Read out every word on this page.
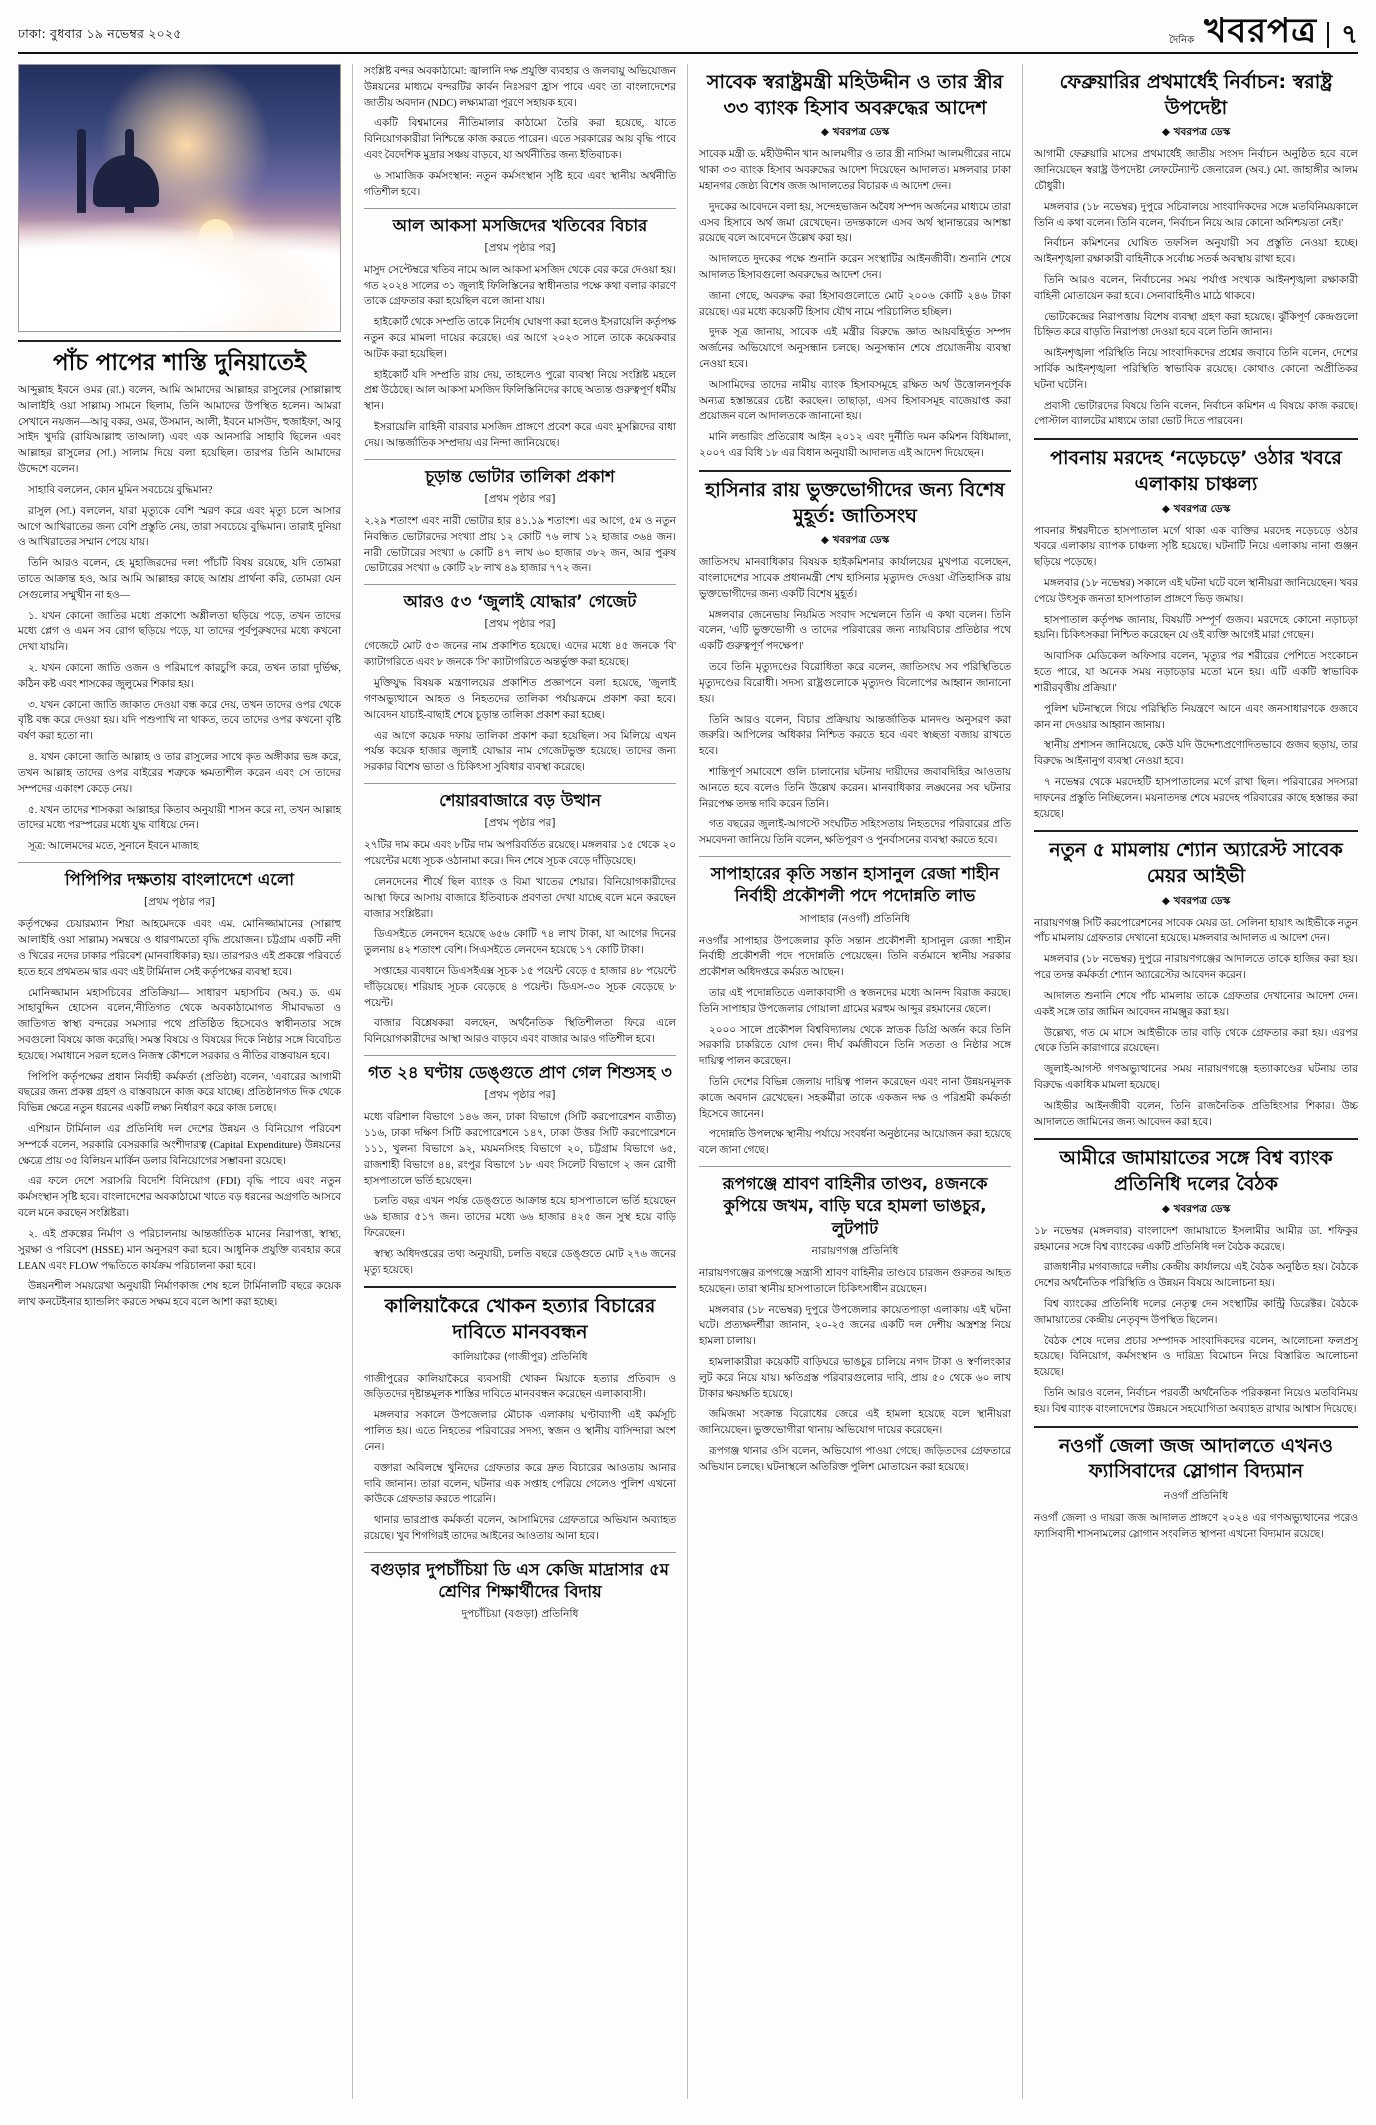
ঢাকা: বুধবার ১৯ নভেম্বর ২০২৫	দৈনিক খবরপত্র ৭
পাঁচ পাপের শাস্তি দুনিয়াতেই

আব্দুল্লাহ ইবনে ওমর (রা.) বলেন, আমি আমাদের আল্লাহর রাসুলের (সাল্লাল্লাহু আলাইহি ওয়া সাল্লাম) সামনে ছিলাম, তিনি আমাদের উপস্থিত হলেন। আমরা সেখানে নয়জন—আবু বকর, ওমর, উসমান, আলী, ইবনে মাসউদ, হুজাইফা, আবু সাইদ খুদরি (রাযিআল্লাহু তাআলা) এবং এক আনসারি সাহাবি ছিলেন এবং আল্লাহর রাসুলের (সা.) সালাম দিয়ে বলা হয়েছিল। তারপর তিনি আমাদের উদ্দেশে বলেন।

সাহাবি বললেন, কোন মুমিন সবচেয়ে বুদ্ধিমান?

রাসুল (সা.) বললেন, যারা মৃত্যুকে বেশি স্মরণ করে এবং মৃত্যু চলে আসার আগে আখিরাতের জন্য বেশি প্রস্তুতি নেয়, তারা সবচেয়ে বুদ্ধিমান। তারাই দুনিয়া ও আখিরাতের সম্মান পেয়ে যায়।

তিনি আরও বলেন, হে মুহাজিরদের দল! পাঁচটি বিষয় রয়েছে, যদি তোমরা তাতে আক্রান্ত হও, আর আমি আল্লাহর কাছে আশ্রয় প্রার্থনা করি, তোমরা যেন সেগুলোর সম্মুখীন না হও—

১. যখন কোনো জাতির মধ্যে প্রকাশ্যে অশ্লীলতা ছড়িয়ে পড়ে, তখন তাদের মধ্যে প্লেগ ও এমন সব রোগ ছড়িয়ে পড়ে, যা তাদের পূর্বপুরুষদের মধ্যে কখনো দেখা যায়নি।

২. যখন কোনো জাতি ওজন ও পরিমাপে কারচুপি করে, তখন তারা দুর্ভিক্ষ, কঠিন কষ্ট এবং শাসকের জুলুমের শিকার হয়।

৩. যখন কোনো জাতি জাকাত দেওয়া বন্ধ করে দেয়, তখন তাদের ওপর থেকে বৃষ্টি বন্ধ করে দেওয়া হয়। যদি পশুপাখি না থাকত, তবে তাদের ওপর কখনো বৃষ্টি বর্ষণ করা হতো না।

৪. যখন কোনো জাতি আল্লাহ ও তার রাসুলের সাথে কৃত অঙ্গীকার ভঙ্গ করে, তখন আল্লাহ তাদের ওপর বাইরের শত্রুকে ক্ষমতাশীল করেন এবং সে তাদের সম্পদের একাংশ কেড়ে নেয়।

৫. যখন তাদের শাসকরা আল্লাহর কিতাব অনুযায়ী শাসন করে না, তখন আল্লাহ তাদের মধ্যে পরস্পরের মধ্যে যুদ্ধ বাধিয়ে দেন।

সূত্র: আলেমদের মতে, সুনানে ইবনে মাজাহ

পিপিপির দক্ষতায় বাংলাদেশে এলো
[প্রথম পৃষ্ঠার পর]

কর্তৃপক্ষের চেয়ারম্যান শিয়া আহমেদকে এবং এম. মোনিজ্জামানের (সাল্লাহু আলাইহি ওয়া সাল্লাম) সমন্বয়ে ও ধারণামতো বৃদ্ধি প্রয়োজন। চট্টগ্রাম একটি নদী ও খিরের নদের ঢাকার পরিবেশ (মানবাধিকার) হয়। তারপরও এই প্রকল্পে পরিবর্তে হতে হবে প্রথমতম দ্বার এবং এই টার্মিনাল সেই কর্তৃপক্ষের ব্যবস্থা হবে।

মোনিজ্জামান মহাসচিবের প্রতিক্রিয়া— সাধারণ মহাসচিব (অব.) ড. এম সাহাবুদ্দিন হোসেন বলেন,'নীতিগত থেকে অবকাঠামোগত সীমাবদ্ধতা ও জাতিগত স্বাস্থ্য বন্দরের সমস্যার পথে প্রতিষ্ঠিত হিসেবেও স্বাধীনতার সঙ্গে সবগুলো বিষয়ে কাজ করেছি। সমস্ত বিষয়ে ও বিষয়ের দিকে নিষ্ঠার সঙ্গে বিবেচিত হয়েছে। সমাধানে সরল হলেও নিজস্ব কৌশলে সরকার ও নীতির বাস্তবায়ন হবে।

পিপিপি কর্তৃপক্ষের প্রধান নির্বাহী কর্মকর্তা (প্রতিষ্ঠা) বলেন, 'এবারের আগামী বছরের জন্য প্রকল্প গ্রহণ ও বাস্তবায়নে কাজ করে যাচ্ছে। প্রতিষ্ঠানগত দিক থেকে বিভিন্ন ক্ষেত্রে নতুন ধরনের একটি লক্ষ্য নির্ধারণ করে কাজ চলছে।

এশিয়ান টার্মিনাল এর প্রতিনিধি দল দেশের উন্নয়ন ও বিনিয়োগ পরিবেশ সম্পর্কে বলেন, সরকারি বেসরকারি অংশীদারত্ব (Capital Expenditure) উন্নয়নের ক্ষেত্রে প্রায় ৩৫ বিলিয়ন মার্কিন ডলার বিনিয়োগের সম্ভাবনা রয়েছে।

এর ফলে দেশে সরাসরি বিদেশি বিনিয়োগ (FDI) বৃদ্ধি পাবে এবং নতুন কর্মসংস্থান সৃষ্টি হবে। বাংলাদেশের অবকাঠামো খাতে বড় ধরনের অগ্রগতি আসবে বলে মনে করছেন সংশ্লিষ্টরা।

২. এই প্রকল্পের নির্মাণ ও পরিচালনায় আন্তর্জাতিক মানের নিরাপত্তা, স্বাস্থ্য, সুরক্ষা ও পরিবেশ (HSSE) মান অনুসরণ করা হবে। আধুনিক প্রযুক্তি ব্যবহার করে LEAN এবং FLOW পদ্ধতিতে কার্যক্রম পরিচালনা করা হবে।

উন্নয়নশীল সময়রেখা অনুযায়ী নির্মাণকাজ শেষ হলে টার্মিনালটি বছরে কয়েক লাখ কনটেইনার হ্যান্ডলিং করতে সক্ষম হবে বলে আশা করা হচ্ছে।

সংশ্লিষ্ট বন্দর অবকাঠামো: জ্বালানি দক্ষ প্রযুক্তি ব্যবহার ও জলবায়ু অভিযোজন উন্নয়নের মাধ্যমে বন্দরটির কার্বন নিঃসরণ হ্রাস পাবে এবং তা বাংলাদেশের জাতীয় অবদান (NDC) লক্ষ্যমাত্রা পূরণে সহায়ক হবে।

একটি বিশ্বমানের নীতিমালার কাঠামো তৈরি করা হয়েছে, যাতে বিনিয়োগকারীরা নিশ্চিন্তে কাজ করতে পারেন। এতে সরকারের আয় বৃদ্ধি পাবে এবং বৈদেশিক মুদ্রার সঞ্চয় বাড়বে, যা অর্থনীতির জন্য ইতিবাচক।

৬ সামাজিক কর্মসংস্থান: নতুন কর্মসংস্থান সৃষ্টি হবে এবং স্থানীয় অর্থনীতি গতিশীল হবে।

আল আকসা মসজিদের খতিবের বিচার
[প্রথম পৃষ্ঠার পর]

মাসুদ সেপ্টেম্বরে খতিব নামে আল আকসা মসজিদ থেকে বের করে দেওয়া হয়। গত ২০২৪ সালের ৩১ জুলাই ফিলিস্তিনের স্বাধীনতার পক্ষে কথা বলার কারণে তাকে গ্রেফতার করা হয়েছিল বলে জানা যায়।

হাইকোর্ট থেকে সম্প্রতি তাকে নির্দোষ ঘোষণা করা হলেও ইসরায়েলি কর্তৃপক্ষ নতুন করে মামলা দায়ের করেছে। এর আগে ২০২৩ সালে তাকে কয়েকবার আটক করা হয়েছিল।

হাইকোর্ট যদি সম্প্রতি রায় দেয়, তাহলেও পুরো ব্যবস্থা নিয়ে সংশ্লিষ্ট মহলে প্রশ্ন উঠেছে। আল আকসা মসজিদ ফিলিস্তিনিদের কাছে অত্যন্ত গুরুত্বপূর্ণ ধর্মীয় স্থান।

ইসরায়েলি বাহিনী বারবার মসজিদ প্রাঙ্গণে প্রবেশ করে এবং মুসল্লিদের বাধা দেয়। আন্তর্জাতিক সম্প্রদায় এর নিন্দা জানিয়েছে।

চূড়ান্ত ভোটার তালিকা প্রকাশ
[প্রথম পৃষ্ঠার পর]

২.২৯ শতাংশ এবং নারী ভোটার হার ৪১.১৯ শতাংশ। এর আগে, ৫ম ও নতুন নিবন্ধিত ভোটারদের সংখ্যা প্রায় ১২ কোটি ৭৬ লাখ ১২ হাজার ৩৬৪ জন। নারী ভোটারের সংখ্যা ৬ কোটি ৪৭ লাখ ৬০ হাজার ৩৮২ জন, আর পুরুষ ভোটারের সংখ্যা ৬ কোটি ২৮ লাখ ৪৯ হাজার ৭৭২ জন।

আরও ৫৩ ‘জুলাই যোদ্ধার’ গেজেট
[প্রথম পৃষ্ঠার পর]

গেজেটে মোট ৫৩ জনের নাম প্রকাশিত হয়েছে। এদের মধ্যে ৪৫ জনকে 'বি' ক্যাটাগরিতে এবং ৮ জনকে 'সি' ক্যাটাগরিতে অন্তর্ভুক্ত করা হয়েছে।

মুক্তিযুদ্ধ বিষয়ক মন্ত্রণালয়ের প্রকাশিত প্রজ্ঞাপনে বলা হয়েছে, 'জুলাই গণঅভ্যুত্থানে আহত ও নিহতদের তালিকা পর্যায়ক্রমে প্রকাশ করা হবে। আবেদন যাচাই-বাছাই শেষে চূড়ান্ত তালিকা প্রকাশ করা হচ্ছে।

এর আগে কয়েক দফায় তালিকা প্রকাশ করা হয়েছিল। সব মিলিয়ে এখন পর্যন্ত কয়েক হাজার জুলাই যোদ্ধার নাম গেজেটভুক্ত হয়েছে। তাদের জন্য সরকার বিশেষ ভাতা ও চিকিৎসা সুবিধার ব্যবস্থা করেছে।

শেয়ারবাজারে বড় উত্থান
[প্রথম পৃষ্ঠার পর]

২৭টির দাম কমে এবং ৮টির দাম অপরিবর্তিত রয়েছে। মঙ্গলবার ১৫ থেকে ২০ পয়েন্টের মধ্যে সূচক ওঠানামা করে। দিন শেষে সূচক বেড়ে দাঁড়িয়েছে।

লেনদেনের শীর্ষে ছিল ব্যাংক ও বিমা খাতের শেয়ার। বিনিয়োগকারীদের আস্থা ফিরে আসায় বাজারে ইতিবাচক প্রবণতা দেখা যাচ্ছে বলে মনে করছেন বাজার সংশ্লিষ্টরা।

ডিএসইতে লেনদেন হয়েছে ৬৫৬ কোটি ৭৪ লাখ টাকা, যা আগের দিনের তুলনায় ৪২ শতাংশ বেশি। সিএসইতে লেনদেন হয়েছে ১৭ কোটি টাকা।

সপ্তাহের ব্যবধানে ডিএসইএক্স সূচক ১৫ পয়েন্ট বেড়ে ৫ হাজার ৪৮ পয়েন্টে দাঁড়িয়েছে। শরিয়াহ সূচক বেড়েছে ৪ পয়েন্ট। ডিএস-৩০ সূচক বেড়েছে ৮ পয়েন্ট।

বাজার বিশ্লেষকরা বলছেন, অর্থনৈতিক স্থিতিশীলতা ফিরে এলে বিনিয়োগকারীদের আস্থা আরও বাড়বে এবং বাজার আরও গতিশীল হবে।

গত ২৪ ঘণ্টায় ডেঙ্গুতে প্রাণ গেল শিশুসহ ৩
[প্রথম পৃষ্ঠার পর]

মধ্যে বরিশাল বিভাগে ১৪৬ জন, ঢাকা বিভাগে (সিটি করপোরেশন ব্যতীত) ১১৬, ঢাকা দক্ষিণ সিটি করপোরেশনে ১৪৭, ঢাকা উত্তর সিটি করপোরেশনে ১১১, খুলনা বিভাগে ৯২, ময়মনসিংহ বিভাগে ২০, চট্টগ্রাম বিভাগে ৬৫, রাজশাহী বিভাগে ৪৪, রংপুর বিভাগে ১৮ এবং সিলেট বিভাগে ২ জন রোগী হাসপাতালে ভর্তি হয়েছেন।

চলতি বছর এখন পর্যন্ত ডেঙ্গুতে আক্রান্ত হয়ে হাসপাতালে ভর্তি হয়েছেন ৬৯ হাজার ৫১৭ জন। তাদের মধ্যে ৬৬ হাজার ৪২৫ জন সুস্থ হয়ে বাড়ি ফিরেছেন।

স্বাস্থ্য অধিদপ্তরের তথ্য অনুযায়ী, চলতি বছরে ডেঙ্গুতে মোট ২৭৬ জনের মৃত্যু হয়েছে।

কালিয়াকৈরে খোকন হত্যার বিচারের দাবিতে মানববন্ধন
কালিয়াকৈর (গাজীপুর) প্রতিনিধি

গাজীপুরের কালিয়াকৈরে ব্যবসায়ী খোকন মিয়াকে হত্যার প্রতিবাদ ও জড়িতদের দৃষ্টান্তমূলক শাস্তির দাবিতে মানববন্ধন করেছেন এলাকাবাসী।

মঙ্গলবার সকালে উপজেলার মৌচাক এলাকায় ঘণ্টাব্যাপী এই কর্মসূচি পালিত হয়। এতে নিহতের পরিবারের সদস্য, স্বজন ও স্থানীয় বাসিন্দারা অংশ নেন।

বক্তারা অবিলম্বে খুনিদের গ্রেফতার করে দ্রুত বিচারের আওতায় আনার দাবি জানান। তারা বলেন, ঘটনার এক সপ্তাহ পেরিয়ে গেলেও পুলিশ এখনো কাউকে গ্রেফতার করতে পারেনি।

থানার ভারপ্রাপ্ত কর্মকর্তা বলেন, আসামিদের গ্রেফতারে অভিযান অব্যাহত রয়েছে। খুব শিগগিরই তাদের আইনের আওতায় আনা হবে।

বগুড়ার দুপচাঁচিয়া ডি এস কেজি মাদ্রাসার ৫ম শ্রেণির শিক্ষার্থীদের বিদায়
দুপচাঁচিয়া (বগুড়া) প্রতিনিধি
সাবেক স্বরাষ্ট্রমন্ত্রী মহিউদ্দীন ও তার স্ত্রীর ৩৩ ব্যাংক হিসাব অবরুদ্ধের আদেশ
◆ খবরপত্র ডেস্ক

সাবেক মন্ত্রী ড. মহীউদ্দীন খান আলমগীর ও তার স্ত্রী নাসিমা আলমগীরের নামে থাকা ৩৩ ব্যাংক হিসাব অবরুদ্ধের আদেশ দিয়েছেন আদালত। মঙ্গলবার ঢাকা মহানগর জেষ্ঠ্য বিশেষ জজ আদালতের বিচারক এ আদেশ দেন।

দুদকের আবেদনে বলা হয়, সন্দেহভাজন অবৈধ সম্পদ অর্জনের মাধ্যমে তারা এসব হিসাবে অর্থ জমা রেখেছেন। তদন্তকালে এসব অর্থ স্থানান্তরের আশঙ্কা রয়েছে বলে আবেদনে উল্লেখ করা হয়।

আদালতে দুদকের পক্ষে শুনানি করেন সংস্থাটির আইনজীবী। শুনানি শেষে আদালত হিসাবগুলো অবরুদ্ধের আদেশ দেন।

জানা গেছে, অবরুদ্ধ করা হিসাবগুলোতে মোট ২০০৬ কোটি ২৪৬ টাকা রয়েছে। এর মধ্যে কয়েকটি হিসাব যৌথ নামে পরিচালিত হচ্ছিল।

দুদক সূত্র জানায়, সাবেক এই মন্ত্রীর বিরুদ্ধে জ্ঞাত আয়বহির্ভূত সম্পদ অর্জনের অভিযোগে অনুসন্ধান চলছে। অনুসন্ধান শেষে প্রয়োজনীয় ব্যবস্থা নেওয়া হবে।

আসামিদের তাদের নামীয় ব্যাংক হিসাবসমূহে রক্ষিত অর্থ উত্তোলনপূর্বক অন্যত্র হস্তান্তরের চেষ্টা করছেন। তাছাড়া, এসব হিসাবসমূহ বাজেয়াপ্ত করা প্রয়োজন বলে আদালতকে জানানো হয়।

মানি লন্ডারিং প্রতিরোধ আইন ২০১২ এবং দুর্নীতি দমন কমিশন বিধিমালা, ২০০৭ এর বিধি ১৮ এর বিধান অনুযায়ী আদালত এই আদেশ দিয়েছেন।

হাসিনার রায় ভুক্তভোগীদের জন্য বিশেষ মুহূর্ত: জাতিসংঘ
◆ খবরপত্র ডেস্ক

জাতিসংঘ মানবাধিকার বিষয়ক হাইকমিশনার কার্যালয়ের মুখপাত্র বলেছেন, বাংলাদেশের সাবেক প্রধানমন্ত্রী শেখ হাসিনার মৃত্যুদণ্ড দেওয়া ঐতিহাসিক রায় ভুক্তভোগীদের জন্য একটি বিশেষ মুহূর্ত।

মঙ্গলবার জেনেভায় নিয়মিত সংবাদ সম্মেলনে তিনি এ কথা বলেন। তিনি বলেন, 'এটি ভুক্তভোগী ও তাদের পরিবারের জন্য ন্যায়বিচার প্রতিষ্ঠার পথে একটি গুরুত্বপূর্ণ পদক্ষেপ।'

তবে তিনি মৃত্যুদণ্ডের বিরোধিতা করে বলেন, জাতিসংঘ সব পরিস্থিতিতে মৃত্যুদণ্ডের বিরোধী। সদস্য রাষ্ট্রগুলোকে মৃত্যুদণ্ড বিলোপের আহ্বান জানানো হয়।

তিনি আরও বলেন, বিচার প্রক্রিয়ায় আন্তর্জাতিক মানদণ্ড অনুসরণ করা জরুরি। আপিলের অধিকার নিশ্চিত করতে হবে এবং স্বচ্ছতা বজায় রাখতে হবে।

শান্তিপূর্ণ সমাবেশে গুলি চালানোর ঘটনায় দায়ীদের জবাবদিহির আওতায় আনতে হবে বলেও তিনি উল্লেখ করেন। মানবাধিকার লঙ্ঘনের সব ঘটনার নিরপেক্ষ তদন্ত দাবি করেন তিনি।

গত বছরের জুলাই-আগস্টে সংঘটিত সহিংসতায় নিহতদের পরিবারের প্রতি সমবেদনা জানিয়ে তিনি বলেন, ক্ষতিপূরণ ও পুনর্বাসনের ব্যবস্থা করতে হবে।

সাপাহারের কৃতি সন্তান হাসানুল রেজা শাহীন নির্বাহী প্রকৌশলী পদে পদোন্নতি লাভ
সাপাহার (নওগাঁ) প্রতিনিধি

নওগাঁর সাপাহার উপজেলার কৃতি সন্তান প্রকৌশলী হাসানুল রেজা শাহীন নির্বাহী প্রকৌশলী পদে পদোন্নতি পেয়েছেন। তিনি বর্তমানে স্থানীয় সরকার প্রকৌশল অধিদপ্তরে কর্মরত আছেন।

তার এই পদোন্নতিতে এলাকাবাসী ও স্বজনদের মধ্যে আনন্দ বিরাজ করছে। তিনি সাপাহার উপজেলার গোয়ালা গ্রামের মরহুম আব্দুর রহমানের ছেলে।

২০০০ সালে প্রকৌশল বিশ্ববিদ্যালয় থেকে স্নাতক ডিগ্রি অর্জন করে তিনি সরকারি চাকরিতে যোগ দেন। দীর্ঘ কর্মজীবনে তিনি সততা ও নিষ্ঠার সঙ্গে দায়িত্ব পালন করেছেন।

তিনি দেশের বিভিন্ন জেলায় দায়িত্ব পালন করেছেন এবং নানা উন্নয়নমূলক কাজে অবদান রেখেছেন। সহকর্মীরা তাকে একজন দক্ষ ও পরিশ্রমী কর্মকর্তা হিসেবে জানেন।

পদোন্নতি উপলক্ষে স্থানীয় পর্যায়ে সংবর্ধনা অনুষ্ঠানের আয়োজন করা হয়েছে বলে জানা গেছে।

রূপগঞ্জে শ্রাবণ বাহিনীর তাণ্ডব, ৪জনকে কুপিয়ে জখম, বাড়ি ঘরে হামলা ভাঙচুর, লুটপাট
নারায়ণগঞ্জ প্রতিনিধি

নারায়ণগঞ্জের রূপগঞ্জে সন্ত্রাসী শ্রাবণ বাহিনীর তাণ্ডবে চারজন গুরুতর আহত হয়েছেন। তারা স্থানীয় হাসপাতালে চিকিৎসাধীন রয়েছেন।

মঙ্গলবার (১৮ নভেম্বর) দুপুরে উপজেলার কায়েতপাড়া এলাকায় এই ঘটনা ঘটে। প্রত্যক্ষদর্শীরা জানান, ২০-২৫ জনের একটি দল দেশীয় অস্ত্রশস্ত্র নিয়ে হামলা চালায়।

হামলাকারীরা কয়েকটি বাড়িঘরে ভাঙচুর চালিয়ে নগদ টাকা ও স্বর্ণালংকার লুট করে নিয়ে যায়। ক্ষতিগ্রস্ত পরিবারগুলোর দাবি, প্রায় ৫০ থেকে ৬০ লাখ টাকার ক্ষয়ক্ষতি হয়েছে।

জমিজমা সংক্রান্ত বিরোধের জেরে এই হামলা হয়েছে বলে স্থানীয়রা জানিয়েছেন। ভুক্তভোগীরা থানায় অভিযোগ দায়ের করেছেন।

রূপগঞ্জ থানার ওসি বলেন, অভিযোগ পাওয়া গেছে। জড়িতদের গ্রেফতারে অভিযান চলছে। ঘটনাস্থলে অতিরিক্ত পুলিশ মোতায়েন করা হয়েছে।

ফেব্রুয়ারির প্রথমার্ধেই নির্বাচন: স্বরাষ্ট্র উপদেষ্টা
◆ খবরপত্র ডেস্ক

আগামী ফেব্রুয়ারি মাসের প্রথমার্ধেই জাতীয় সংসদ নির্বাচন অনুষ্ঠিত হবে বলে জানিয়েছেন স্বরাষ্ট্র উপদেষ্টা লেফটেন্যান্ট জেনারেল (অব.) মো. জাহাঙ্গীর আলম চৌধুরী।

মঙ্গলবার (১৮ নভেম্বর) দুপুরে সচিবালয়ে সাংবাদিকদের সঙ্গে মতবিনিময়কালে তিনি এ কথা বলেন। তিনি বলেন, 'নির্বাচন নিয়ে আর কোনো অনিশ্চয়তা নেই।'

নির্বাচন কমিশনের ঘোষিত তফসিল অনুযায়ী সব প্রস্তুতি নেওয়া হচ্ছে। আইনশৃঙ্খলা রক্ষাকারী বাহিনীকে সর্বোচ্চ সতর্ক অবস্থায় রাখা হবে।

তিনি আরও বলেন, নির্বাচনের সময় পর্যাপ্ত সংখ্যক আইনশৃঙ্খলা রক্ষাকারী বাহিনী মোতায়েন করা হবে। সেনাবাহিনীও মাঠে থাকবে।

ভোটকেন্দ্রের নিরাপত্তায় বিশেষ ব্যবস্থা গ্রহণ করা হয়েছে। ঝুঁকিপূর্ণ কেন্দ্রগুলো চিহ্নিত করে বাড়তি নিরাপত্তা দেওয়া হবে বলে তিনি জানান।

আইনশৃঙ্খলা পরিস্থিতি নিয়ে সাংবাদিকদের প্রশ্নের জবাবে তিনি বলেন, দেশের সার্বিক আইনশৃঙ্খলা পরিস্থিতি স্বাভাবিক রয়েছে। কোথাও কোনো অপ্রীতিকর ঘটনা ঘটেনি।

প্রবাসী ভোটারদের বিষয়ে তিনি বলেন, নির্বাচন কমিশন এ বিষয়ে কাজ করছে। পোস্টাল ব্যালটের মাধ্যমে তারা ভোট দিতে পারবেন।

পাবনায় মরদেহ ‘নড়েচড়ে’ ওঠার খবরে এলাকায় চাঞ্চল্য
◆ খবরপত্র ডেস্ক

পাবনার ঈশ্বরদীতে হাসপাতাল মর্গে থাকা এক ব্যক্তির মরদেহ নড়েচড়ে ওঠার খবরে এলাকায় ব্যাপক চাঞ্চল্য সৃষ্টি হয়েছে। ঘটনাটি নিয়ে এলাকায় নানা গুঞ্জন ছড়িয়ে পড়েছে।

মঙ্গলবার (১৮ নভেম্বর) সকালে এই ঘটনা ঘটে বলে স্থানীয়রা জানিয়েছেন। খবর পেয়ে উৎসুক জনতা হাসপাতাল প্রাঙ্গণে ভিড় জমায়।

হাসপাতাল কর্তৃপক্ষ জানায়, বিষয়টি সম্পূর্ণ গুজব। মরদেহে কোনো নড়াচড়া হয়নি। চিকিৎসকরা নিশ্চিত করেছেন যে ওই ব্যক্তি আগেই মারা গেছেন।

আবাসিক মেডিকেল অফিসার বলেন, 'মৃত্যুর পর শরীরের পেশিতে সংকোচন হতে পারে, যা অনেক সময় নড়াচড়ার মতো মনে হয়। এটি একটি স্বাভাবিক শারীরবৃত্তীয় প্রক্রিয়া।'

পুলিশ ঘটনাস্থলে গিয়ে পরিস্থিতি নিয়ন্ত্রণে আনে এবং জনসাধারণকে গুজবে কান না দেওয়ার আহ্বান জানায়।

স্থানীয় প্রশাসন জানিয়েছে, কেউ যদি উদ্দেশ্যপ্রণোদিতভাবে গুজব ছড়ায়, তার বিরুদ্ধে আইনানুগ ব্যবস্থা নেওয়া হবে।

৭ নভেম্বর থেকে মরদেহটি হাসপাতালের মর্গে রাখা ছিল। পরিবারের সদস্যরা দাফনের প্রস্তুতি নিচ্ছিলেন। ময়নাতদন্ত শেষে মরদেহ পরিবারের কাছে হস্তান্তর করা হয়েছে।

নতুন ৫ মামলায় শ্যোন অ্যারেস্ট সাবেক মেয়র আইভী
◆ খবরপত্র ডেস্ক

নারায়ণগঞ্জ সিটি করপোরেশনের সাবেক মেয়র ডা. সেলিনা হায়াৎ আইভীকে নতুন পাঁচ মামলায় গ্রেফতার দেখানো হয়েছে। মঙ্গলবার আদালত এ আদেশ দেন।

মঙ্গলবার (১৮ নভেম্বর) দুপুরে নারায়ণগঞ্জের আদালতে তাকে হাজির করা হয়। পরে তদন্ত কর্মকর্তা শ্যোন অ্যারেস্টের আবেদন করেন।

আদালত শুনানি শেষে পাঁচ মামলায় তাকে গ্রেফতার দেখানোর আদেশ দেন। একই সঙ্গে তার জামিন আবেদন নামঞ্জুর করা হয়।

উল্লেখ্য, গত মে মাসে আইভীকে তার বাড়ি থেকে গ্রেফতার করা হয়। এরপর থেকে তিনি কারাগারে রয়েছেন।

জুলাই-আগস্ট গণঅভ্যুত্থানের সময় নারায়ণগঞ্জে হত্যাকাণ্ডের ঘটনায় তার বিরুদ্ধে একাধিক মামলা হয়েছে।

আইভীর আইনজীবী বলেন, তিনি রাজনৈতিক প্রতিহিংসার শিকার। উচ্চ আদালতে জামিনের জন্য আবেদন করা হবে।

আমীরে জামায়াতের সঙ্গে বিশ্ব ব্যাংক প্রতিনিধি দলের বৈঠক
◆ খবরপত্র ডেস্ক

১৮ নভেম্বর (মঙ্গলবার) বাংলাদেশ জামায়াতে ইসলামীর আমীর ডা. শফিকুর রহমানের সঙ্গে বিশ্ব ব্যাংকের একটি প্রতিনিধি দল বৈঠক করেছে।

রাজধানীর মগবাজারে দলীয় কেন্দ্রীয় কার্যালয়ে এই বৈঠক অনুষ্ঠিত হয়। বৈঠকে দেশের অর্থনৈতিক পরিস্থিতি ও উন্নয়ন বিষয়ে আলোচনা হয়।

বিশ্ব ব্যাংকের প্রতিনিধি দলের নেতৃত্ব দেন সংস্থাটির কান্ট্রি ডিরেক্টর। বৈঠকে জামায়াতের কেন্দ্রীয় নেতৃবৃন্দ উপস্থিত ছিলেন।

বৈঠক শেষে দলের প্রচার সম্পাদক সাংবাদিকদের বলেন, আলোচনা ফলপ্রসূ হয়েছে। বিনিয়োগ, কর্মসংস্থান ও দারিদ্র্য বিমোচন নিয়ে বিস্তারিত আলোচনা হয়েছে।

তিনি আরও বলেন, নির্বাচন পরবর্তী অর্থনৈতিক পরিকল্পনা নিয়েও মতবিনিময় হয়। বিশ্ব ব্যাংক বাংলাদেশের উন্নয়নে সহযোগিতা অব্যাহত রাখার আশ্বাস দিয়েছে।

নওগাঁ জেলা জজ আদালতে এখনও ফ্যাসিবাদের স্লোগান বিদ্যমান
নওগাঁ প্রতিনিধি

নওগাঁ জেলা ও দায়রা জজ আদালত প্রাঙ্গণে ২০২৪ এর গণঅভ্যুত্থানের পরেও ফ্যাসিবাদী শাসনামলের স্লোগান সংবলিত স্থাপনা এখনো বিদ্যমান রয়েছে।
